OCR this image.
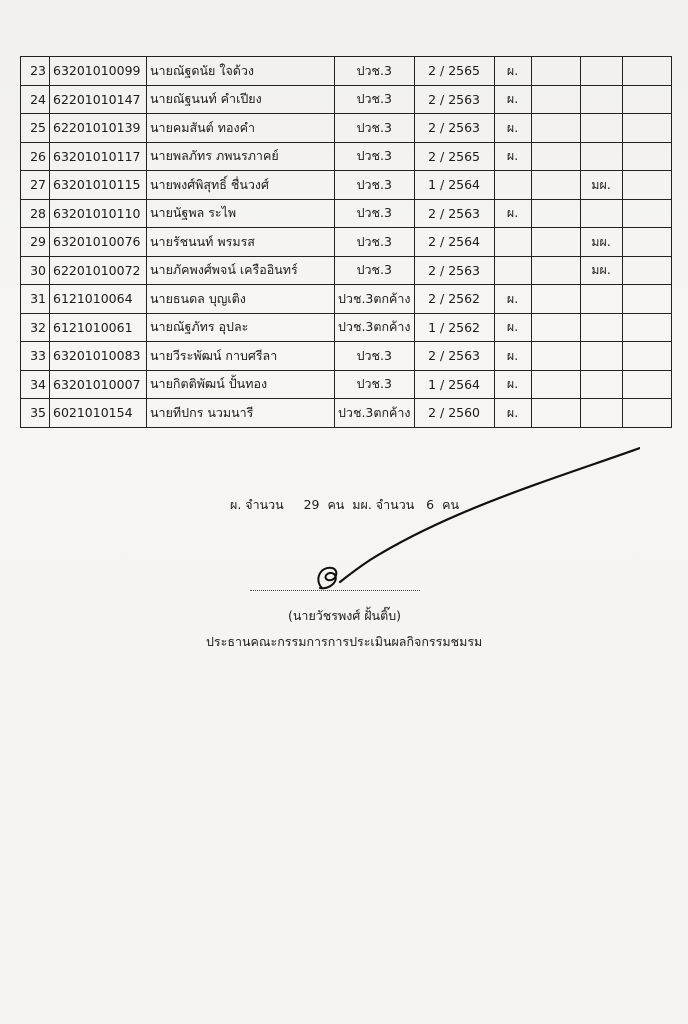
23	63201010099	นายณัฐดนัย ใจด้วง	ปวช.3	2 / 2565	ผ.			
24	62201010147	นายณัฐนนท์ คำเปียง	ปวช.3	2 / 2563	ผ.			
25	62201010139	นายคมสันต์ ทองคำ	ปวช.3	2 / 2563	ผ.			
26	63201010117	นายพลภัทร ภพนรภาคย์	ปวช.3	2 / 2565	ผ.			
27	63201010115	นายพงศ์พิสุทธิ์ ชื่นวงศ์	ปวช.3	1 / 2564			มผ.	
28	63201010110	นายนัฐพล ระไพ	ปวช.3	2 / 2563	ผ.			
29	63201010076	นายรัชนนท์ พรมรส	ปวช.3	2 / 2564			มผ.	
30	62201010072	นายภัคพงศ์พจน์ เครืออินทร์	ปวช.3	2 / 2563			มผ.	
31	6121010064	นายธนดล บุญเติง	ปวช.3ตกค้าง	2 / 2562	ผ.			
32	6121010061	นายณัฐภัทร อุปละ	ปวช.3ตกค้าง	1 / 2562	ผ.			
33	63201010083	นายวีระพัฒน์ กาบศรีลา	ปวช.3	2 / 2563	ผ.			
34	63201010007	นายกิตติพัฒน์ ปั้นทอง	ปวช.3	1 / 2564	ผ.			
35	6021010154	นายทีปกร นวมนารี	ปวช.3ตกค้าง	2 / 2560	ผ.			
ผ. จำนวน     29  คน  มผ. จำนวน   6  คน
(นายวัชรพงศ์ ฝั้นติ๊บ)
ประธานคณะกรรมการการประเมินผลกิจกรรมชมรม
